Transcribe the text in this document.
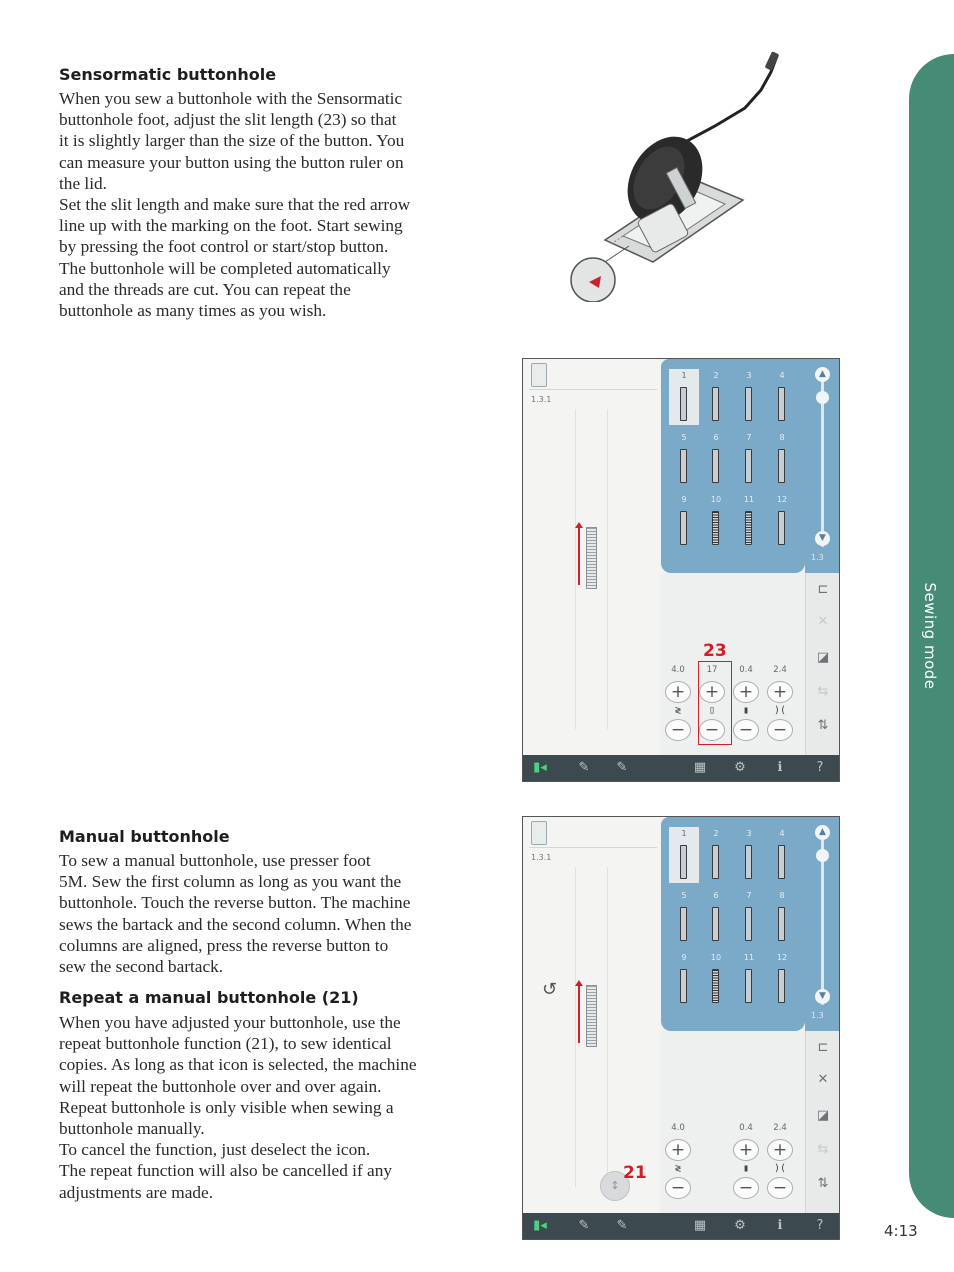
Sensormatic buttonhole
When you sew a buttonhole with the Sensormatic
buttonhole foot, adjust the slit length (23) so that
it is slightly larger than the size of the button. You
can measure your button using the button ruler on
the lid.
Set the slit length and make sure that the red arrow
line up with the marking on the foot. Start sewing
by pressing the foot control or start/stop button.
The buttonhole will be completed automatically
and the threads are cut. You can repeat the
buttonhole as many times as you wish.
1.3.1
1	2	3	4
5	6	7	8
9	10	11	12
▲
▼
1.3
4.0	17	0.4	2.4
+	+	+	+
≷	▯	▮	)(
−	−	−	−
23
⊏
✕
◪
⇆
⇅
▮◂	✎	✎	▦	⚙	ℹ	?
Manual buttonhole
To sew a manual buttonhole, use presser foot
5M. Sew the first column as long as you want the
buttonhole. Touch the reverse button. The machine
sews the bartack and the second column. When the
columns are aligned, press the reverse button to
sew the second bartack.
Repeat a manual buttonhole (21)
When you have adjusted your buttonhole, use the
repeat buttonhole function (21), to sew identical
copies. As long as that icon is selected, the machine
will repeat the buttonhole over and over again.
Repeat buttonhole is only visible when sewing a
buttonhole manually.
To cancel the function, just deselect the icon.
The repeat function will also be cancelled if any
adjustments are made.
1.3.1
↺
↕
1	2	3	4
5	6	7	8
9	10	11	12
▲
▼
1.3
4.0	0.4	2.4
+	+	+
≷	▮	)(
−	−	−
21
⊏
✕
◪
⇆
⇅
▮◂	✎	✎	▦	⚙	ℹ	?
Sewing mode
4:13
